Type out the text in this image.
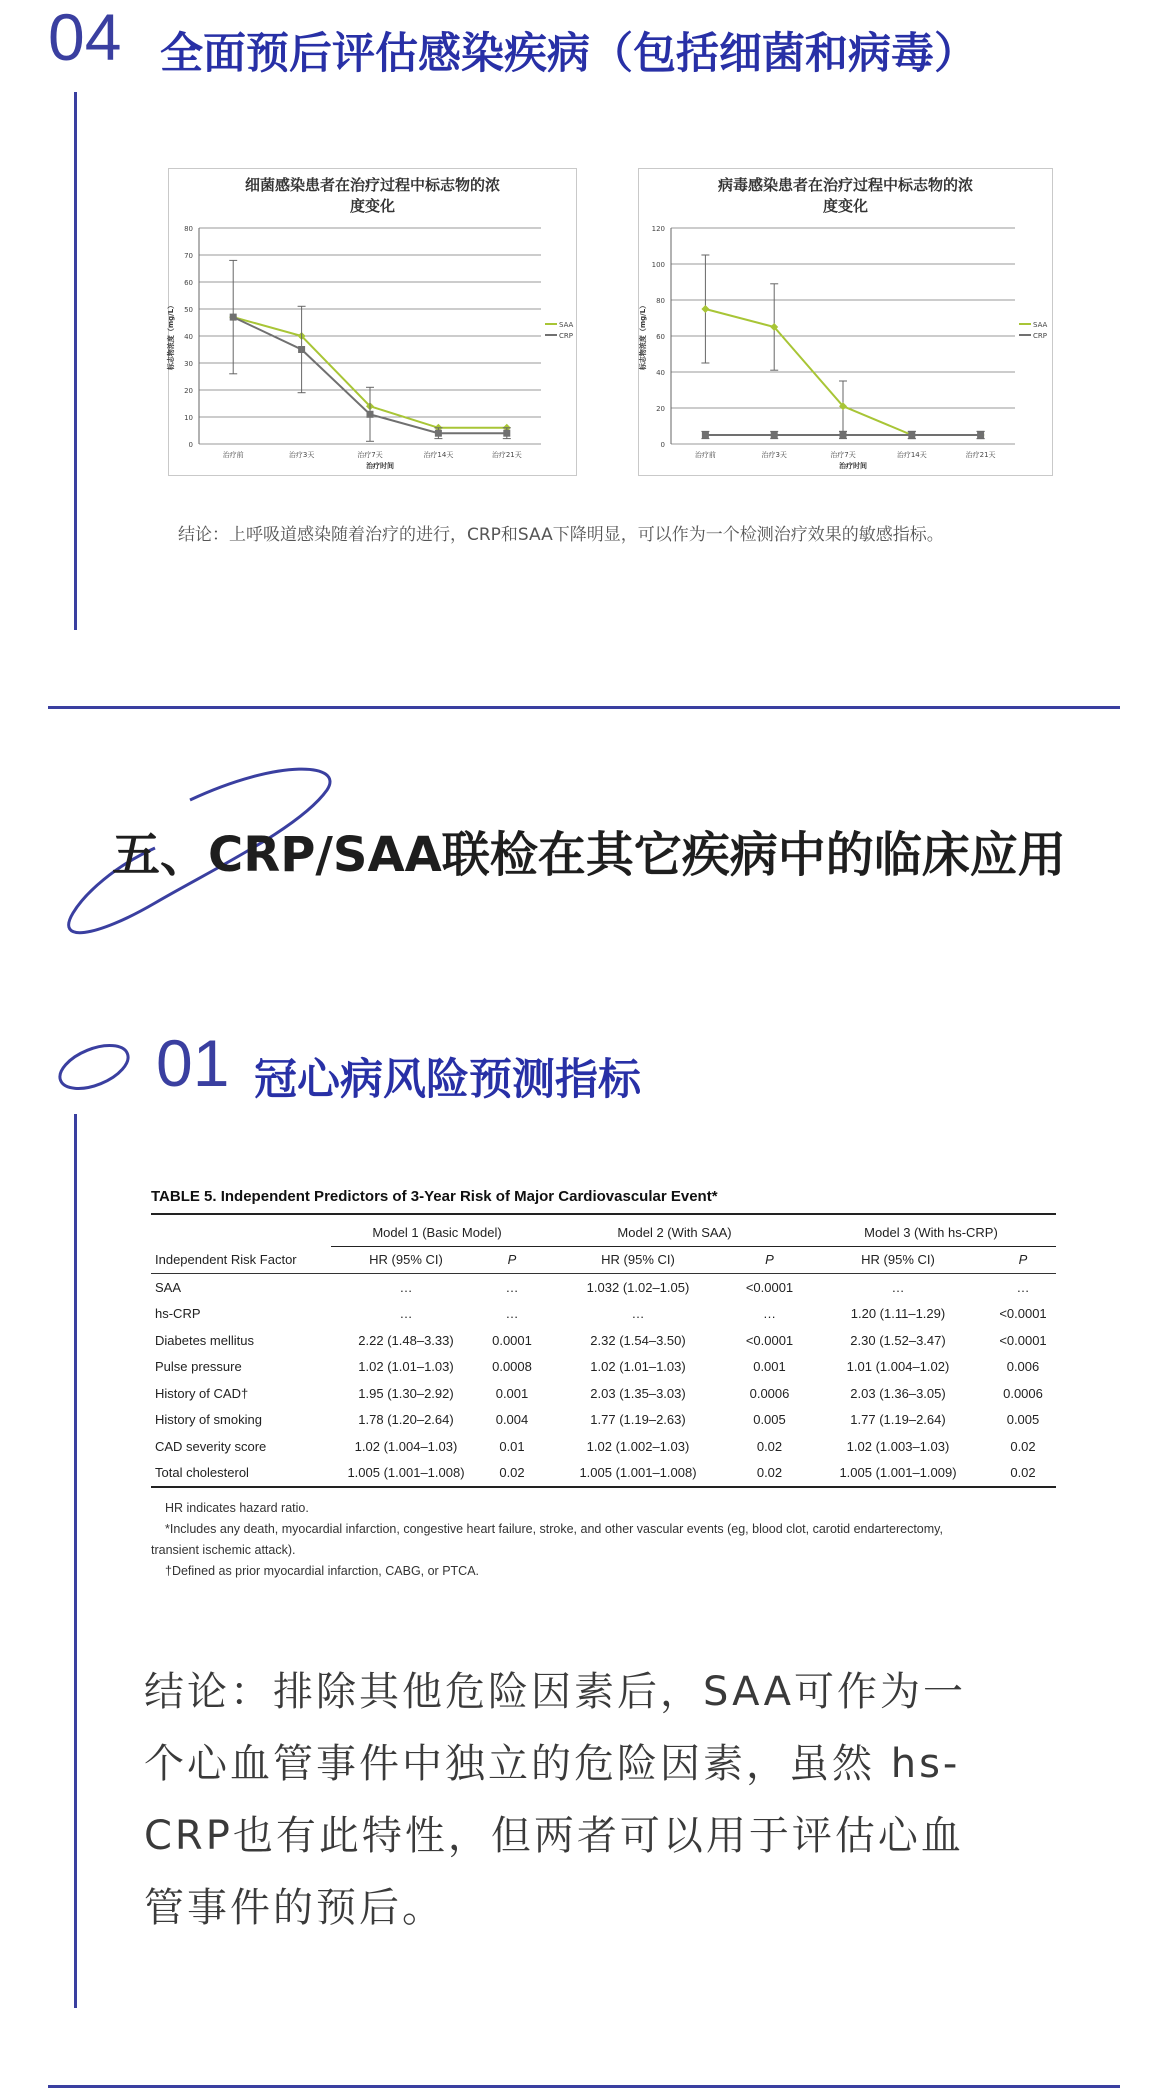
04 全面预后评估感染疾病（包括细菌和病毒）
细菌感染患者在治疗过程中标志物的浓
度变化
0
10
20
30
40
50
60
70
80
治疗前	治疗3天	治疗7天	治疗14天	治疗21天
治疗时间
标志物浓度（mg/L）	SAA
CRP
病毒感染患者在治疗过程中标志物的浓
度变化
0
20
40
60
80
100
120
治疗前	治疗3天	治疗7天	治疗14天	治疗21天
治疗时间
标志物浓度（mg/L）	SAA
CRP
结论：上呼吸道感染随着治疗的进行，CRP和SAA下降明显，可以作为一个检测治疗效果的敏感指标。
五、CRP/SAA联检在其它疾病中的临床应用
01 冠心病风险预测指标
TABLE 5. Independent Predictors of 3-Year Risk of Major Cardiovascular Event*
	Model 1 (Basic Model)		Model 2 (With SAA)		Model 3 (With hs-CRP)	
Independent Risk Factor	HR (95% CI)	P	HR (95% CI)	P	HR (95% CI)	P
SAA	…	…	1.032 (1.02–1.05)	<0.0001	…	…
hs-CRP	…	…	…	…	1.20 (1.11–1.29)	<0.0001
Diabetes mellitus	2.22 (1.48–3.33)	0.0001	2.32 (1.54–3.50)	<0.0001	2.30 (1.52–3.47)	<0.0001
Pulse pressure	1.02 (1.01–1.03)	0.0008	1.02 (1.01–1.03)	0.001	1.01 (1.004–1.02)	0.006
History of CAD†	1.95 (1.30–2.92)	0.001	2.03 (1.35–3.03)	0.0006	2.03 (1.36–3.05)	0.0006
History of smoking	1.78 (1.20–2.64)	0.004	1.77 (1.19–2.63)	0.005	1.77 (1.19–2.64)	0.005
CAD severity score	1.02 (1.004–1.03)	0.01	1.02 (1.002–1.03)	0.02	1.02 (1.003–1.03)	0.02
Total cholesterol	1.005 (1.001–1.008)	0.02	1.005 (1.001–1.008)	0.02	1.005 (1.001–1.009)	0.02
HR indicates hazard ratio.
*Includes any death, myocardial infarction, congestive heart failure, stroke, and other vascular events (eg, blood clot, carotid endarterectomy,
transient ischemic attack).
†Defined as prior myocardial infarction, CABG, or PTCA.
结论：排除其他危险因素后，SAA可作为一
个心血管事件中独立的危险因素，虽然 hs-
CRP也有此特性，但两者可以用于评估心血
管事件的预后。
